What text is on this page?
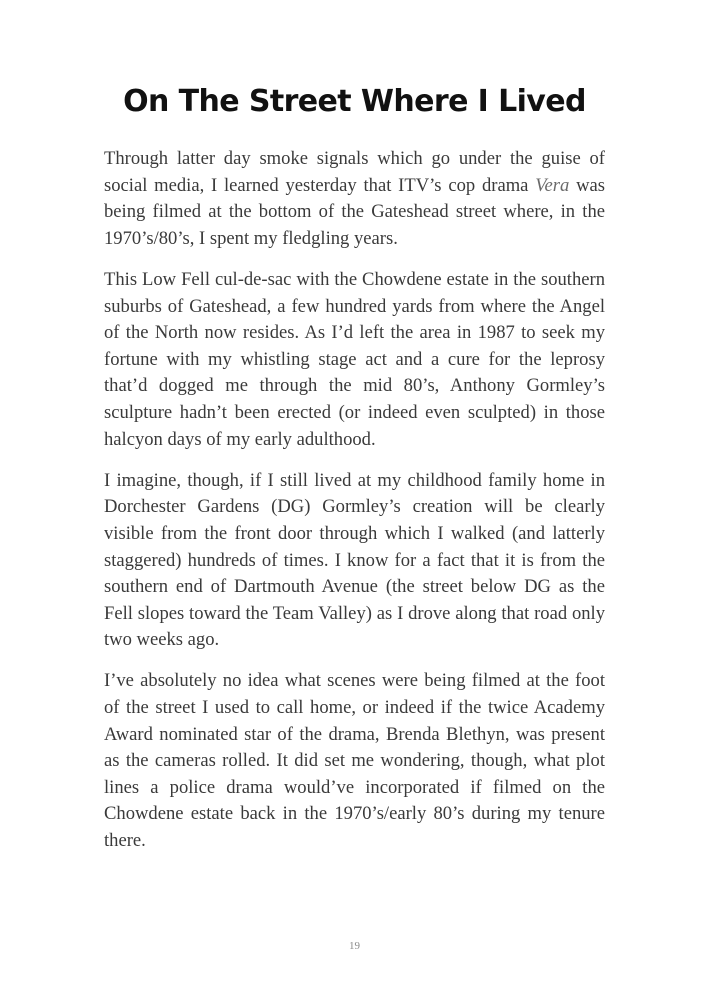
On The Street Where I Lived

Through latter day smoke signals which go under the guise of social media, I learned yesterday that ITV’s cop drama Vera was being filmed at the bottom of the Gateshead street where, in the 1970’s/80’s, I spent my fledgling years.

This Low Fell cul-de-sac with the Chowdene estate in the southern suburbs of Gateshead, a few hundred yards from where the Angel of the North now resides. As I’d left the area in 1987 to seek my fortune with my whistling stage act and a cure for the leprosy that’d dogged me through the mid 80’s, Anthony Gormley’s sculpture hadn’t been erected (or indeed even sculpted) in those halcyon days of my early adulthood.

I imagine, though, if I still lived at my childhood family home in Dorchester Gardens (DG) Gormley’s creation will be clearly visible from the front door through which I walked (and latterly staggered) hundreds of times. I know for a fact that it is from the southern end of Dartmouth Avenue (the street below DG as the Fell slopes toward the Team Valley) as I drove along that road only two weeks ago.

I’ve absolutely no idea what scenes were being filmed at the foot of the street I used to call home, or indeed if the twice Academy Award nominated star of the drama, Brenda Blethyn, was present as the cameras rolled. It did set me wondering, though, what plot lines a police drama would’ve incorporated if filmed on the Chowdene estate back in the 1970’s/early 80’s during my tenure there.

19
